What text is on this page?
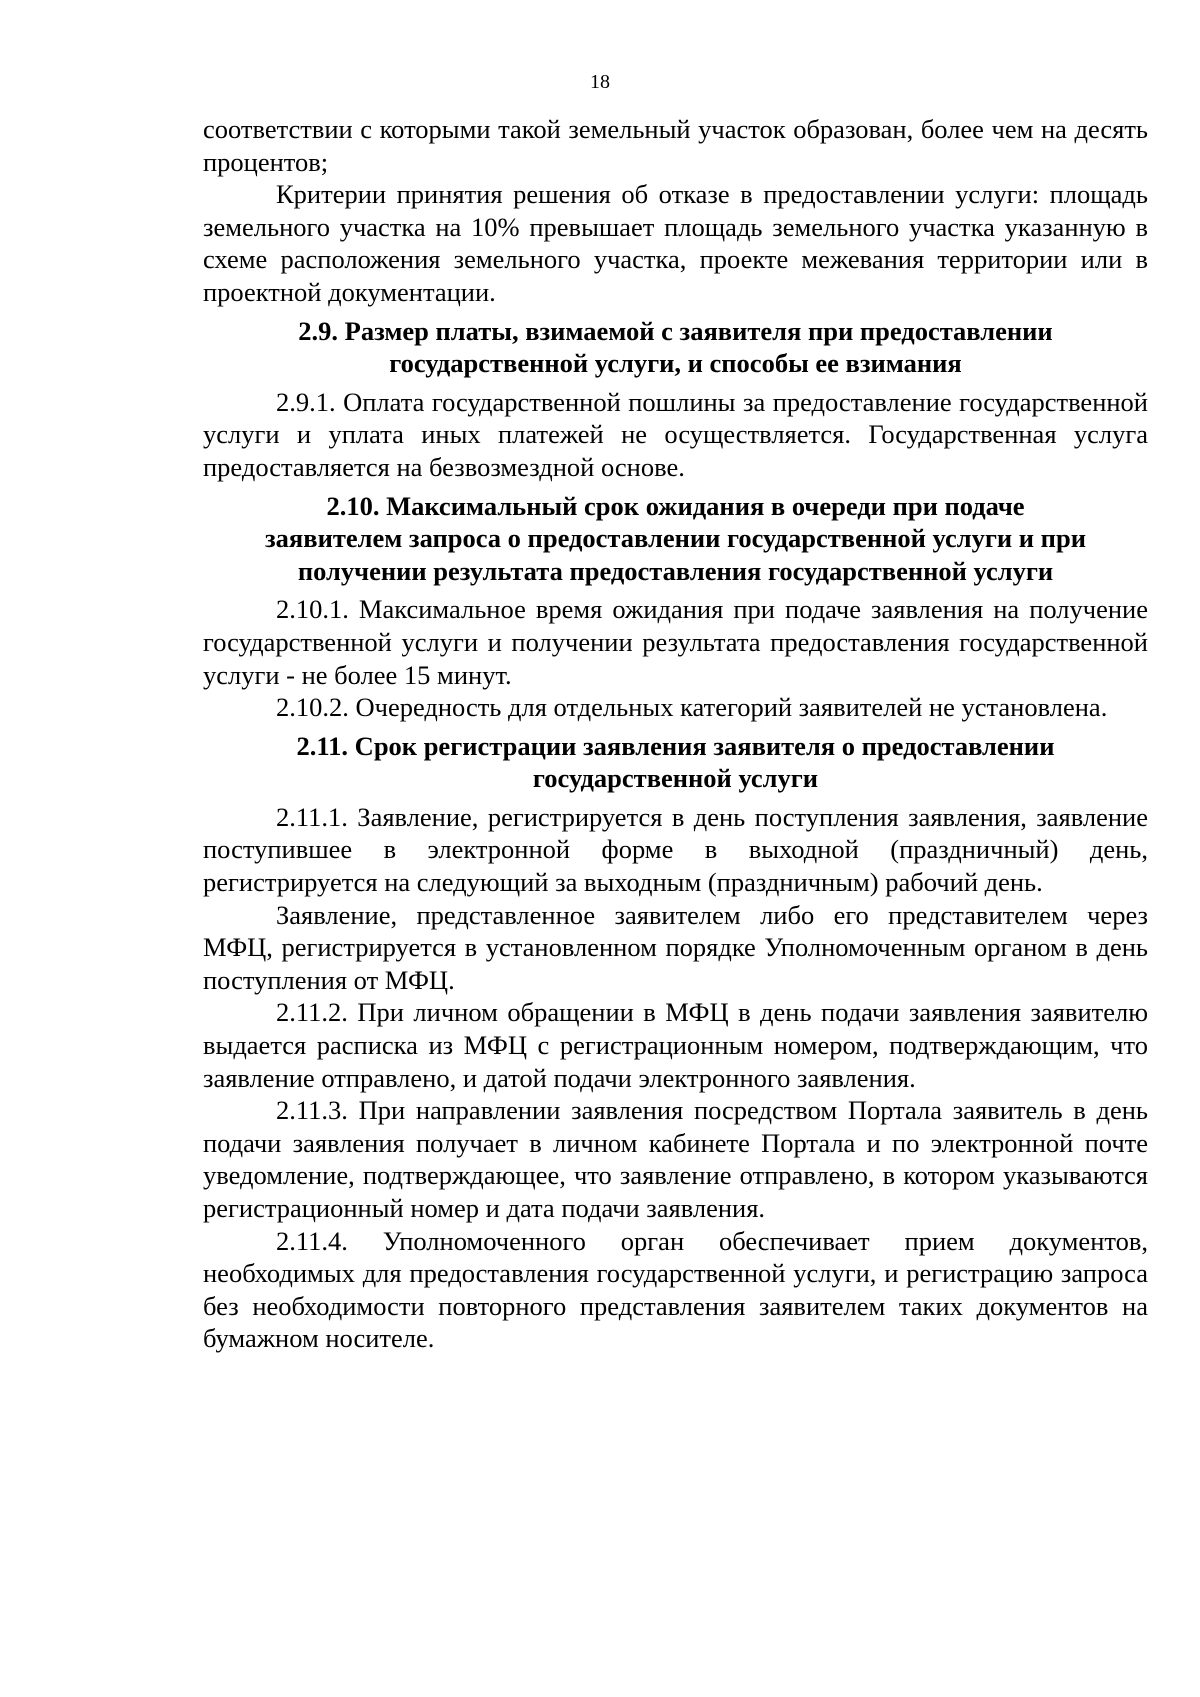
18

соответствии с которыми такой земельный участок образован, более чем на десять процентов;

Критерии принятия решения об отказе в предоставлении услуги: площадь земельного участка на 10% превышает площадь земельного участка указанную в схеме расположения земельного участка, проекте межевания территории или в проектной документации.

2.9. Размер платы, взимаемой с заявителя при предоставлении
государственной услуги, и способы ее взимания

2.9.1. Оплата государственной пошлины за предоставление государственной услуги и уплата иных платежей не осуществляется. Государственная услуга предоставляется на безвозмездной основе.

2.10. Максимальный срок ожидания в очереди при подаче
заявителем запроса о предоставлении государственной услуги и при
получении результата предоставления государственной услуги

2.10.1. Максимальное время ожидания при подаче заявления на получение государственной услуги и получении результата предоставления государственной услуги - не более 15 минут.

2.10.2. Очередность для отдельных категорий заявителей не установлена.

2.11. Срок регистрации заявления заявителя о предоставлении
государственной услуги

2.11.1. Заявление, регистрируется в день поступления заявления, заявление поступившее в электронной форме в выходной (праздничный) день, регистрируется на следующий за выходным (праздничным) рабочий день.

Заявление, представленное заявителем либо его представителем через МФЦ, регистрируется в установленном порядке Уполномоченным органом в день поступления от МФЦ.

2.11.2. При личном обращении в МФЦ в день подачи заявления заявителю выдается расписка из МФЦ с регистрационным номером, подтверждающим, что заявление отправлено, и датой подачи электронного заявления.

2.11.3. При направлении заявления посредством Портала заявитель в день подачи заявления получает в личном кабинете Портала и по электронной почте уведомление, подтверждающее, что заявление отправлено, в котором указываются регистрационный номер и дата подачи заявления.

2.11.4. Уполномоченного орган обеспечивает прием документов, необходимых для предоставления государственной услуги, и регистрацию запроса без необходимости повторного представления заявителем таких документов на бумажном носителе.
